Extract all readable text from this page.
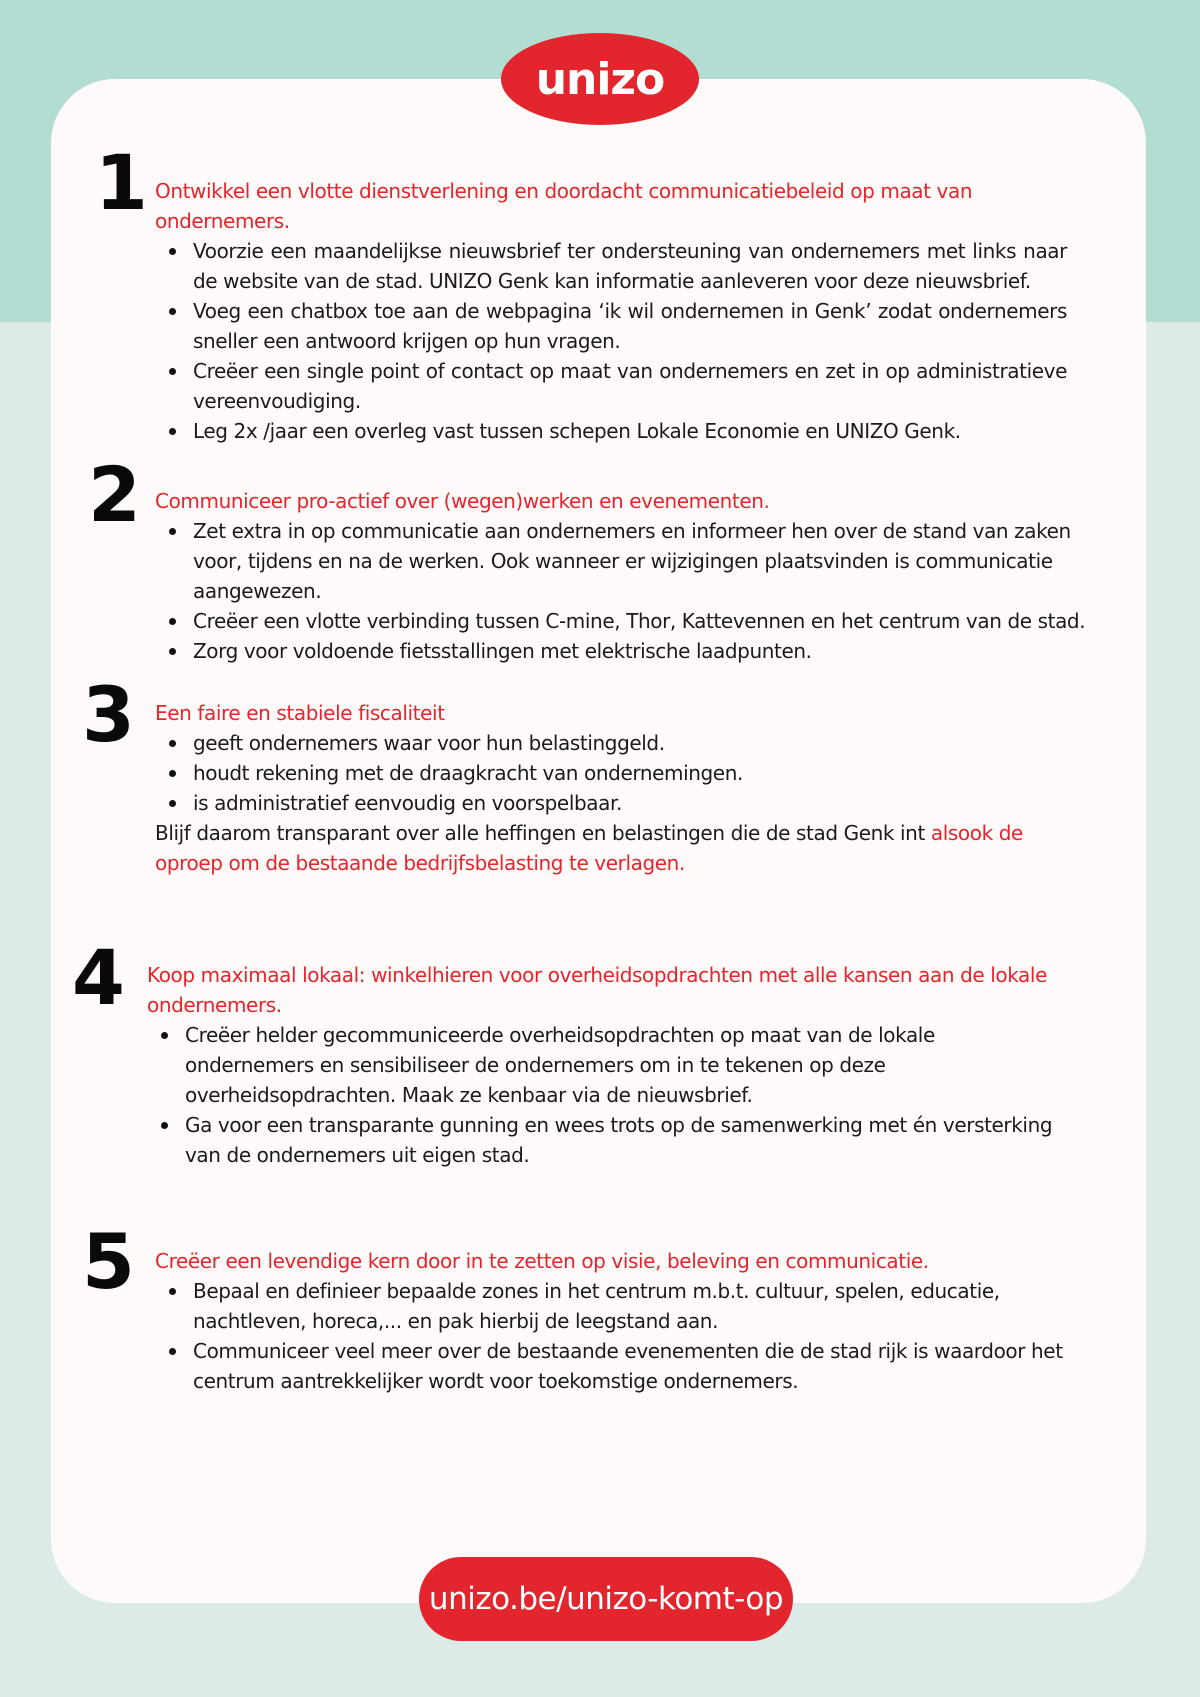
unizo
1 Ontwikkel een vlotte dienstverlening en doordacht communicatiebeleid op maat van ondernemers.

Voorzie een maandelijkse nieuwsbrief ter ondersteuning van ondernemers met links naar de website van de stad. UNIZO Genk kan informatie aanleveren voor deze nieuwsbrief.
Voeg een chatbox toe aan de webpagina ‘ik wil ondernemen in Genk’ zodat ondernemers sneller een antwoord krijgen op hun vragen.
Creëer een single point of contact op maat van ondernemers en zet in op administratieve vereenvoudiging.
Leg 2x /jaar een overleg vast tussen schepen Lokale Economie en UNIZO Genk.
2 Communiceer pro-actief over (wegen)werken en evenementen.

Zet extra in op communicatie aan ondernemers en informeer hen over de stand van zaken voor, tijdens en na de werken. Ook wanneer er wijzigingen plaatsvinden is communicatie aangewezen.
Creëer een vlotte verbinding tussen C-mine, Thor, Kattevennen en het centrum van de stad.
Zorg voor voldoende fietsstallingen met elektrische laadpunten.
3 Een faire en stabiele fiscaliteit

geeft ondernemers waar voor hun belastinggeld.
houdt rekening met de draagkracht van ondernemingen.
is administratief eenvoudig en voorspelbaar.

Blijf daarom transparant over alle heffingen en belastingen die de stad Genk int alsook de oproep om de bestaande bedrijfsbelasting te verlagen.

4 Koop maximaal lokaal: winkelhieren voor overheidsopdrachten met alle kansen aan de lokale ondernemers.

Creëer helder gecommuniceerde overheidsopdrachten op maat van de lokale ondernemers en sensibiliseer de ondernemers om in te tekenen op deze overheidsopdrachten. Maak ze kenbaar via de nieuwsbrief.
Ga voor een transparante gunning en wees trots op de samenwerking met én versterking van de ondernemers uit eigen stad.
5 Creëer een levendige kern door in te zetten op visie, beleving en communicatie.

Bepaal en definieer bepaalde zones in het centrum m.b.t. cultuur, spelen, educatie, nachtleven, horeca,... en pak hierbij de leegstand aan.
Communiceer veel meer over de bestaande evenementen die de stad rijk is waardoor het centrum aantrekkelijker wordt voor toekomstige ondernemers.
unizo.be/unizo-komt-op
